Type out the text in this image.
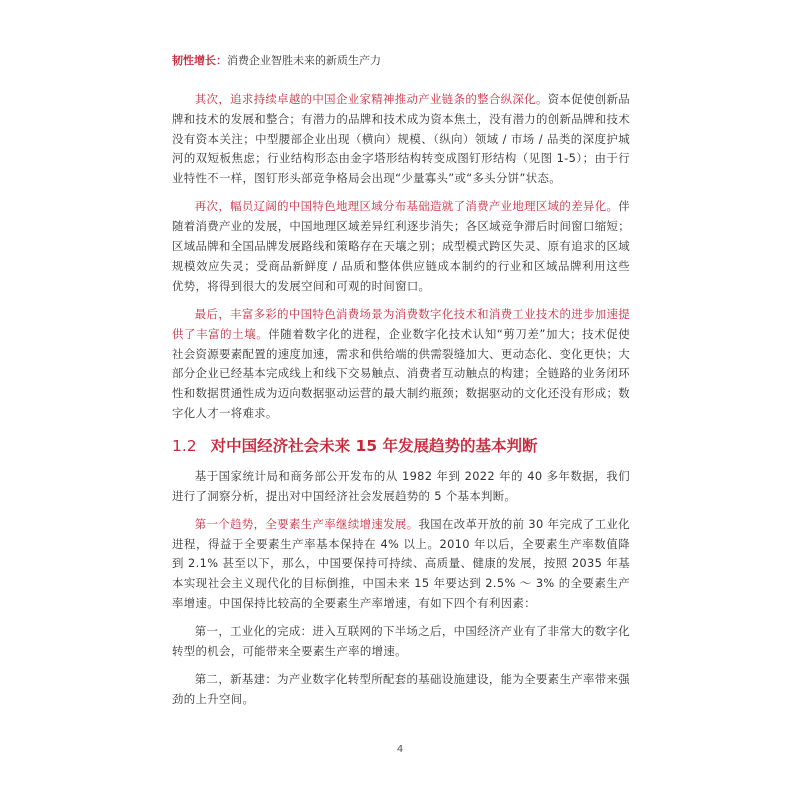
韧性增长：消费企业智胜未来的新质生产力

其次，追求持续卓越的中国企业家精神推动产业链条的整合纵深化。资本促使创新品牌和技术的发展和整合；有潜力的品牌和技术成为资本焦土，没有潜力的创新品牌和技术没有资本关注；中型腰部企业出现（横向）规模、（纵向）领域 / 市场 / 品类的深度护城河的双短板焦虑；行业结构形态由金字塔形结构转变成图钉形结构（见图 1-5）；由于行业特性不一样，图钉形头部竞争格局会出现“少量寡头”或“多头分饼”状态。

再次，幅员辽阔的中国特色地理区域分布基础造就了消费产业地理区域的差异化。伴随着消费产业的发展，中国地理区域差异红利逐步消失；各区域竞争滞后时间窗口缩短；区域品牌和全国品牌发展路线和策略存在天壤之别；成型模式跨区失灵、原有追求的区域规模效应失灵；受商品新鲜度 / 品质和整体供应链成本制约的行业和区域品牌利用这些优势，将得到很大的发展空间和可观的时间窗口。

最后，丰富多彩的中国特色消费场景为消费数字化技术和消费工业技术的进步加速提供了丰富的土壤。伴随着数字化的进程，企业数字化技术认知“剪刀差”加大；技术促使社会资源要素配置的速度加速，需求和供给端的供需裂缝加大、更动态化、变化更快；大部分企业已经基本完成线上和线下交易触点、消费者互动触点的构建；全链路的业务闭环性和数据贯通性成为迈向数据驱动运营的最大制约瓶颈；数据驱动的文化还没有形成；数字化人才一将难求。

1.2 对中国经济社会未来 15 年发展趋势的基本判断

基于国家统计局和商务部公开发布的从 1982 年到 2022 年的 40 多年数据，我们进行了洞察分析，提出对中国经济社会发展趋势的 5 个基本判断。

第一个趋势，全要素生产率继续增速发展。我国在改革开放的前 30 年完成了工业化进程，得益于全要素生产率基本保持在 4% 以上。2010 年以后，全要素生产率数值降到 2.1% 甚至以下，那么，中国要保持可持续、高质量、健康的发展，按照 2035 年基本实现社会主义现代化的目标倒推，中国未来 15 年要达到 2.5% ～ 3% 的全要素生产率增速。中国保持比较高的全要素生产率增速，有如下四个有利因素：

第一，工业化的完成：进入互联网的下半场之后，中国经济产业有了非常大的数字化转型的机会，可能带来全要素生产率的增速。

第二，新基建：为产业数字化转型所配套的基础设施建设，能为全要素生产率带来强劲的上升空间。

4
